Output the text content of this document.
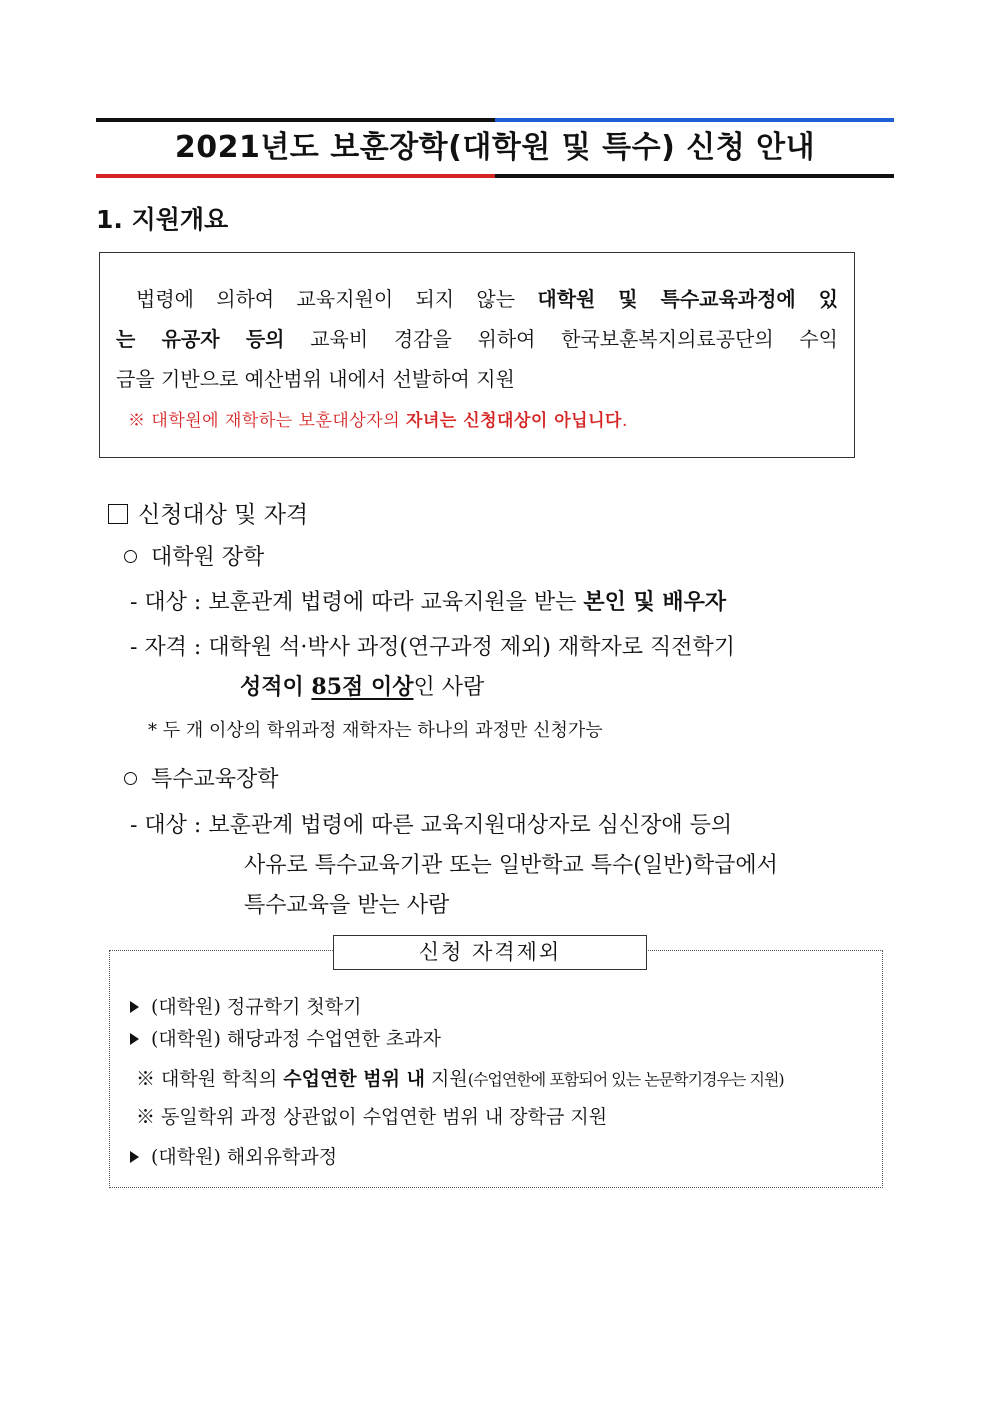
2021년도 보훈장학(대학원 및 특수) 신청 안내
1. 지원개요
법령에 의하여 교육지원이 되지 않는 대학원 및 특수교육과정에 있
는 유공자 등의 교육비 경감을 위하여 한국보훈복지의료공단의 수익
금을 기반으로 예산범위 내에서 선발하여 지원
※ 대학원에 재학하는 보훈대상자의 자녀는 신청대상이 아닙니다.
신청대상 및 자격
대학원 장학
- 대상 : 보훈관계 법령에 따라 교육지원을 받는 본인 및 배우자
- 자격 : 대학원 석·박사 과정(연구과정 제외) 재학자로 직전학기
성적이 85점 이상인 사람
* 두 개 이상의 학위과정 재학자는 하나의 과정만 신청가능
특수교육장학
- 대상 : 보훈관계 법령에 따른 교육지원대상자로 심신장애 등의
사유로 특수교육기관 또는 일반학교 특수(일반)학급에서
특수교육을 받는 사람
신청 자격제외
(대학원) 정규학기 첫학기
(대학원) 해당과정 수업연한 초과자
※ 대학원 학칙의 수업연한 범위 내 지원(수업연한에 포함되어 있는 논문학기경우는 지원)
※ 동일학위 과정 상관없이 수업연한 범위 내 장학금 지원
(대학원) 해외유학과정
